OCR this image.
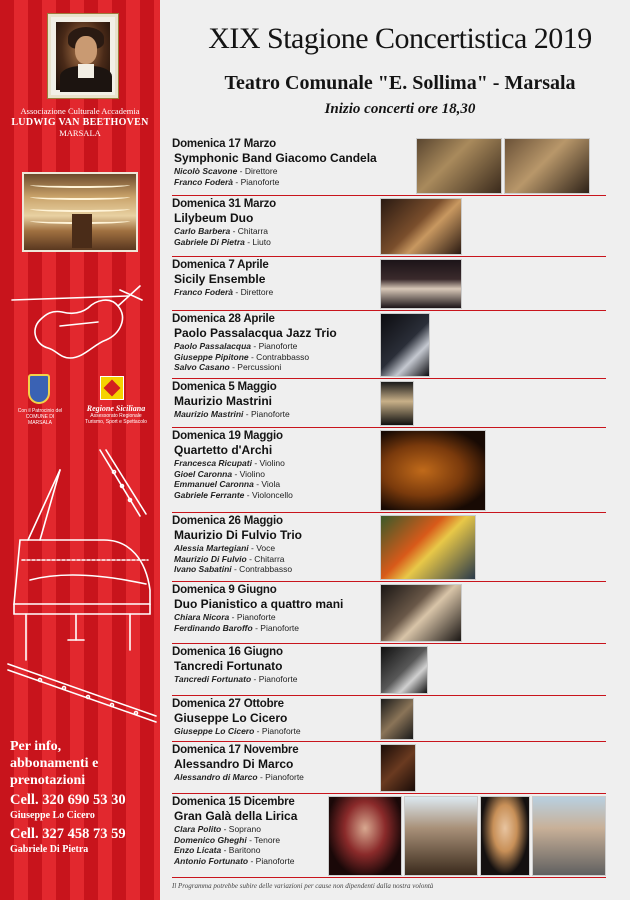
Associazione Culturale Accademia
LUDWIG VAN BEETHOVEN
MARSALA
Con il Patrocinio del COMUNE DI MARSALA
Regione Siciliana
Assessorato Regionale Turismo, Sport e Spettacolo
Per info,
abbonamenti e
prenotazioni
Cell. 320 690 53 30
Giuseppe Lo Cicero
Cell. 327 458 73 59
Gabriele Di Pietra
XIX Stagione Concertistica 2019
Teatro Comunale "E. Sollima" - Marsala
Inizio concerti ore 18,30
Domenica 17 Marzo
Symphonic Band Giacomo Candela
Nicolò Scavone - Direttore
Franco Foderà - Pianoforte
Domenica 31 Marzo
Lilybeum Duo
Carlo Barbera - Chitarra
Gabriele Di Pietra - Liuto
Domenica 7 Aprile
Sicily Ensemble
Franco Foderà - Direttore
Domenica 28 Aprile
Paolo Passalacqua Jazz Trio
Paolo Passalacqua - Pianoforte
Giuseppe Pipitone - Contrabbasso
Salvo Casano - Percussioni
Domenica 5 Maggio
Maurizio Mastrini
Maurizio Mastrini - Pianoforte
Domenica 19 Maggio
Quartetto d'Archi
Francesca Ricupati - Violino
Gioel Caronna - Violino
Emmanuel Caronna - Viola
Gabriele Ferrante - Violoncello
Domenica 26 Maggio
Maurizio Di Fulvio Trio
Alessia Martegiani - Voce
Maurizio Di Fulvio - Chitarra
Ivano Sabatini - Contrabbasso
Domenica 9 Giugno
Duo Pianistico a quattro mani
Chiara Nicora - Pianoforte
Ferdinando Baroffo - Pianoforte
Domenica 16 Giugno
Tancredi Fortunato
Tancredi Fortunato - Pianoforte
Domenica 27 Ottobre
Giuseppe Lo Cicero
Giuseppe Lo Cicero - Pianoforte
Domenica 17 Novembre
Alessandro Di Marco
Alessandro di Marco - Pianoforte
Domenica 15 Dicembre
Gran Galà della Lirica
Clara Polito - Soprano
Domenico Gheghi - Tenore
Enzo Licata - Baritono
Antonio Fortunato - Pianoforte
Il Programma potrebbe subire delle variazioni per cause non dipendenti dalla nostra volontà
